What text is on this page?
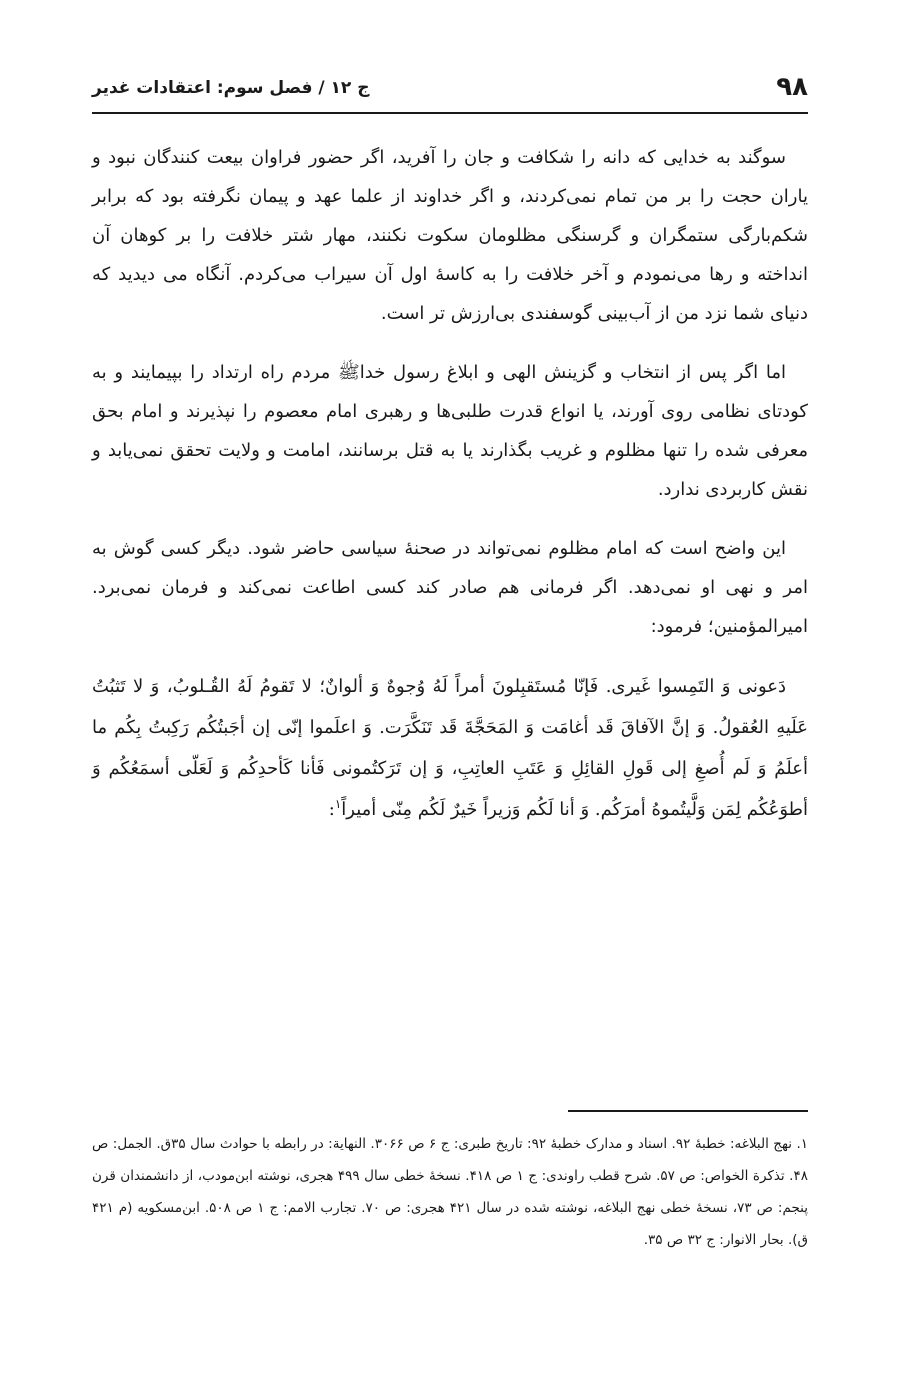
۹۸
ج ۱۲ / فصل سوم: اعتقادات غدیر

سوگند به خدایی که دانه را شکافت و جان را آفرید، اگر حضور فراوان بیعت کنندگان نبود و یاران حجت را بر من تمام نمی‌کردند، و اگر خداوند از علما عهد و پیمان نگرفته بود که برابر شکم‌بارگی ستمگران و گرسنگی مظلومان سکوت نکنند، مهار شتر خلافت را بر کوهان آن انداخته و رها می‌نمودم و آخر خلافت را به کاسهٔ اول آن سیراب می‌کردم. آنگاه می دیدید که دنیای شما نزد من از آب‌بینی گوسفندی بی‌ارزش تر است.

اما اگر پس از انتخاب و گزینش الهی و ابلاغ رسول خداﷺ مردم راه ارتداد را بپیمایند و به کودتای نظامی روی آورند، یا انواع قدرت طلبی‌ها و رهبری امام معصوم را نپذیرند و امام بحق معرفی شده را تنها مظلوم و غریب بگذارند یا به قتل برسانند، امامت و ولایت تحقق نمی‌یابد و نقش کاربردی ندارد.

این واضح است که امام مظلوم نمی‌تواند در صحنهٔ سیاسی حاضر شود. دیگر کسی گوش به امر و نهی او نمی‌دهد. اگر فرمانی هم صادر کند کسی اطاعت نمی‌کند و فرمان نمی‌برد. امیرالمؤمنین؛ فرمود:

دَعونی وَ التَمِسوا غَیری. فَإنّا مُستَقبِلونَ أمراً لَهُ وُجوهٌ وَ ألوانٌ؛ لا تَقومُ لَهُ القُـلوبُ، وَ لا تَثبُتُ عَلَیهِ العُقولُ. وَ إنَّ الآفاقَ قَد أغامَت وَ المَحَجَّةَ قَد تَنَکَّرَت. وَ اعلَموا إنّی إن أجَبتُکُم رَکِبتُ بِکُم ما أعلَمُ وَ لَم أُصغِ إلی قَولِ القائِلِ وَ عَتَبِ العاتِبِ، وَ إن تَرَکتُمونی فَأنا کَأحدِکُم وَ لَعَلّی أسمَعُکُم وَ أطوَعُکُم لِمَن وَلَّیتُموهُ أمرَکُم. وَ أنا لَکُم وَزیراً خَیرٌ لَکُم مِنّی أمیراً$^۱$:

۱. نهج البلاغه: خطبهٔ ۹۲. اسناد و مدارک خطبهٔ ۹۲: تاریخ طبری: ج ۶ ص ۳۰۶۶. النهایة: در رابطه با حوادث سال ۳۵ق. الجمل: ص ۴۸. تذکرة الخواص: ص ۵۷. شرح قطب راوندی: ج ۱ ص ۴۱۸. نسخهٔ خطی سال ۴۹۹ هجری، نوشته ابن‌مودب، از دانشمندان قرن پنجم: ص ۷۳، نسخهٔ خطی نهج البلاغه، نوشته شده در سال ۴۲۱ هجری: ص ۷۰. تجارب الامم: ج ۱ ص ۵۰۸. ابن‌مسکویه (م ۴۲۱ ق). بحار الانوار: ج ۳۲ ص ۳۵.
